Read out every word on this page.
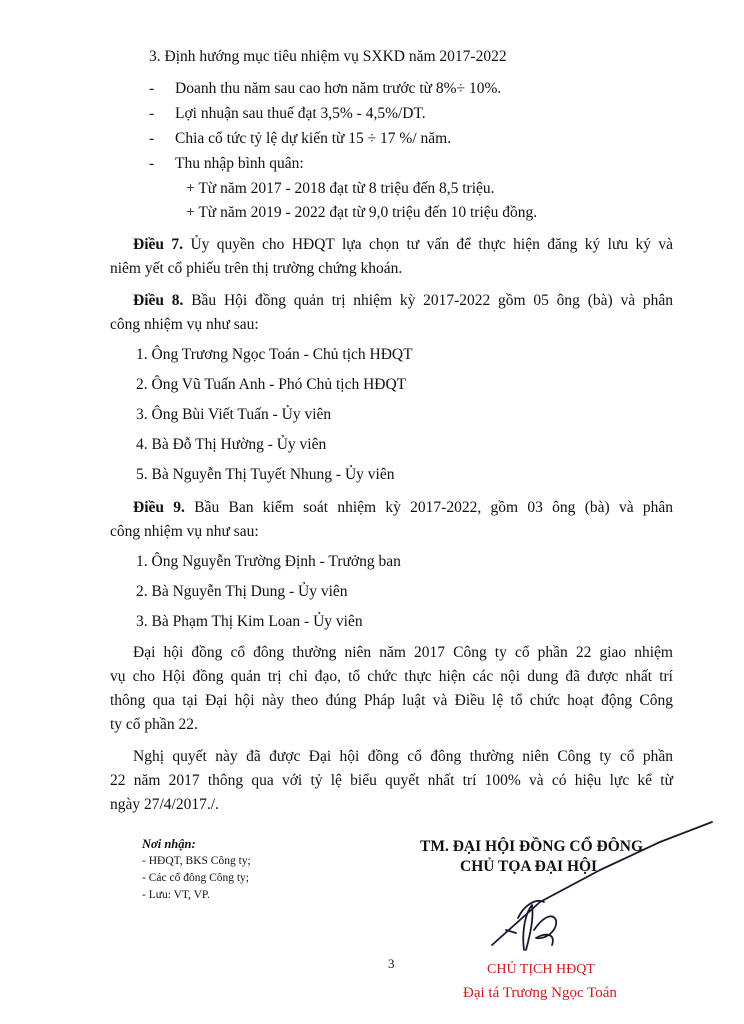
3. Định hướng mục tiêu nhiệm vụ SXKD năm 2017-2022
- Doanh thu năm sau cao hơn năm trước từ 8%÷ 10%.
- Lợi nhuận sau thuế đạt 3,5% - 4,5%/DT.
- Chia cổ tức tỷ lệ dự kiến từ 15 ÷ 17 %/ năm.
- Thu nhập bình quân:
+ Từ năm 2017 - 2018 đạt từ 8 triệu đến 8,5 triệu.
+ Từ năm 2019 - 2022 đạt từ 9,0 triệu đến 10 triệu đồng.
Điều 7. Ủy quyền cho HĐQT lựa chọn tư vấn để thực hiện đăng ký lưu ký và
niêm yết cổ phiếu trên thị trường chứng khoán.
Điều 8. Bầu Hội đồng quản trị nhiệm kỳ 2017-2022 gồm 05 ông (bà) và phân
công nhiệm vụ như sau:
1. Ông Trương Ngọc Toán - Chủ tịch HĐQT
2. Ông Vũ Tuấn Anh - Phó Chủ tịch HĐQT
3. Ông Bùi Viết Tuấn - Ủy viên
4. Bà Đỗ Thị Hường - Ủy viên
5. Bà Nguyễn Thị Tuyết Nhung - Ủy viên
Điều 9. Bầu Ban kiểm soát nhiệm kỳ 2017-2022, gồm 03 ông (bà) và phân
công nhiệm vụ như sau:
1. Ông Nguyễn Trường Định - Trưởng ban
2. Bà Nguyễn Thị Dung - Ủy viên
3. Bà Phạm Thị Kim Loan - Ủy viên
Đại hội đồng cổ đông thường niên năm 2017 Công ty cổ phần 22 giao nhiệm
vụ cho Hội đồng quản trị chỉ đạo, tổ chức thực hiện các nội dung đã được nhất trí
thông qua tại Đại hội này theo đúng Pháp luật và Điều lệ tổ chức hoạt động Công
ty cổ phần 22.
Nghị quyết này đã được Đại hội đồng cổ đông thường niên Công ty cổ phần
22 năm 2017 thông qua với tỷ lệ biểu quyết nhất trí 100% và có hiệu lực kể từ
ngày 27/4/2017./.
Nơi nhận:
- HĐQT, BKS Công ty;
- Các cổ đông Công ty;
- Lưu: VT, VP.
TM. ĐẠI HỘI ĐỒNG CỔ ĐÔNG
CHỦ TỌA ĐẠI HỘI
3	CHỦ TỊCH HĐQT
Đại tá Trương Ngọc Toán
